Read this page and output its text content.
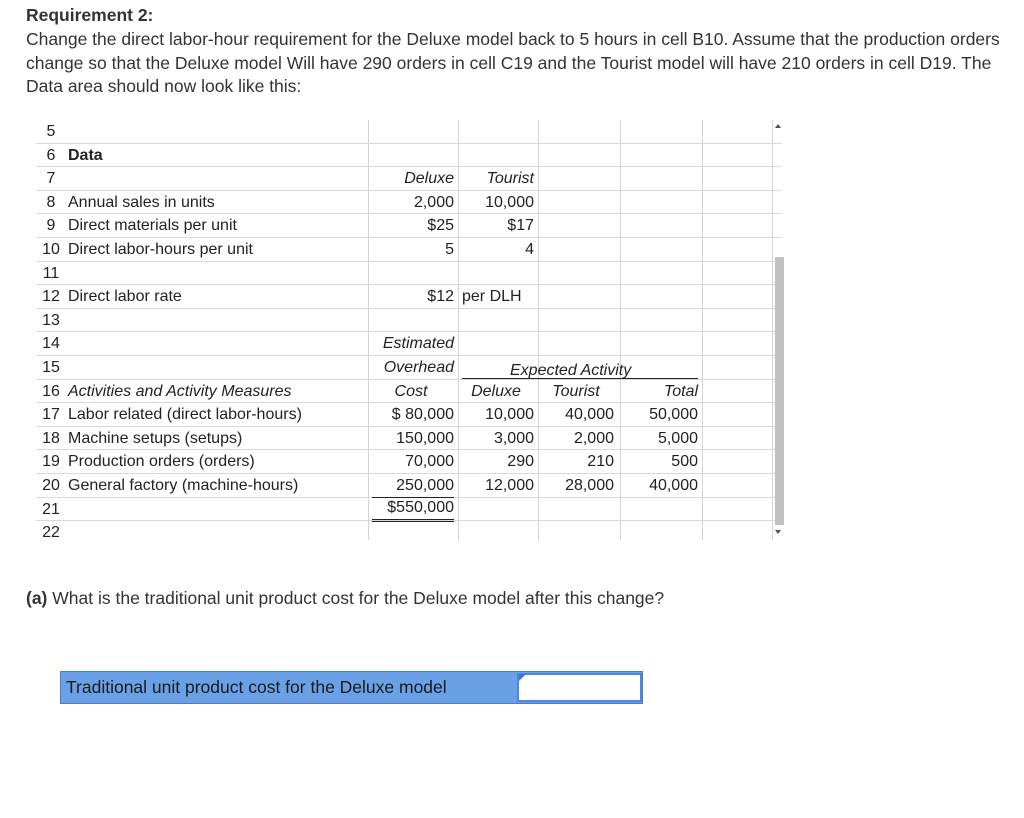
Requirement 2:
Change the direct labor-hour requirement for the Deluxe model back to 5 hours in cell B10. Assume that the production orders change so that the Deluxe model Will have 290 orders in cell C19 and the Tourist model will have 210 orders in cell D19. The Data area should now look like this:
Expected Activity
5
6 Data
7	Deluxe	Tourist
8 Annual sales in units	2,000	10,000
9 Direct materials per unit	$25	$17
10 Direct labor-hours per unit	5	4
11
12 Direct labor rate	$12 per DLH
13
14	Estimated
15	Overhead
16 Activities and Activity Measures	Cost	Deluxe	Tourist	Total
17 Labor related (direct labor-hours)	$ 80,000	10,000	40,000	50,000
18 Machine setups (setups)	150,000	3,000	2,000	5,000
19 Production orders (orders)	70,000	290	210	500
20 General factory (machine-hours)	250,000	12,000	28,000	40,000
21	$550,000
22
(a) What is the traditional unit product cost for the Deluxe model after this change?
Traditional unit product cost for the Deluxe model
